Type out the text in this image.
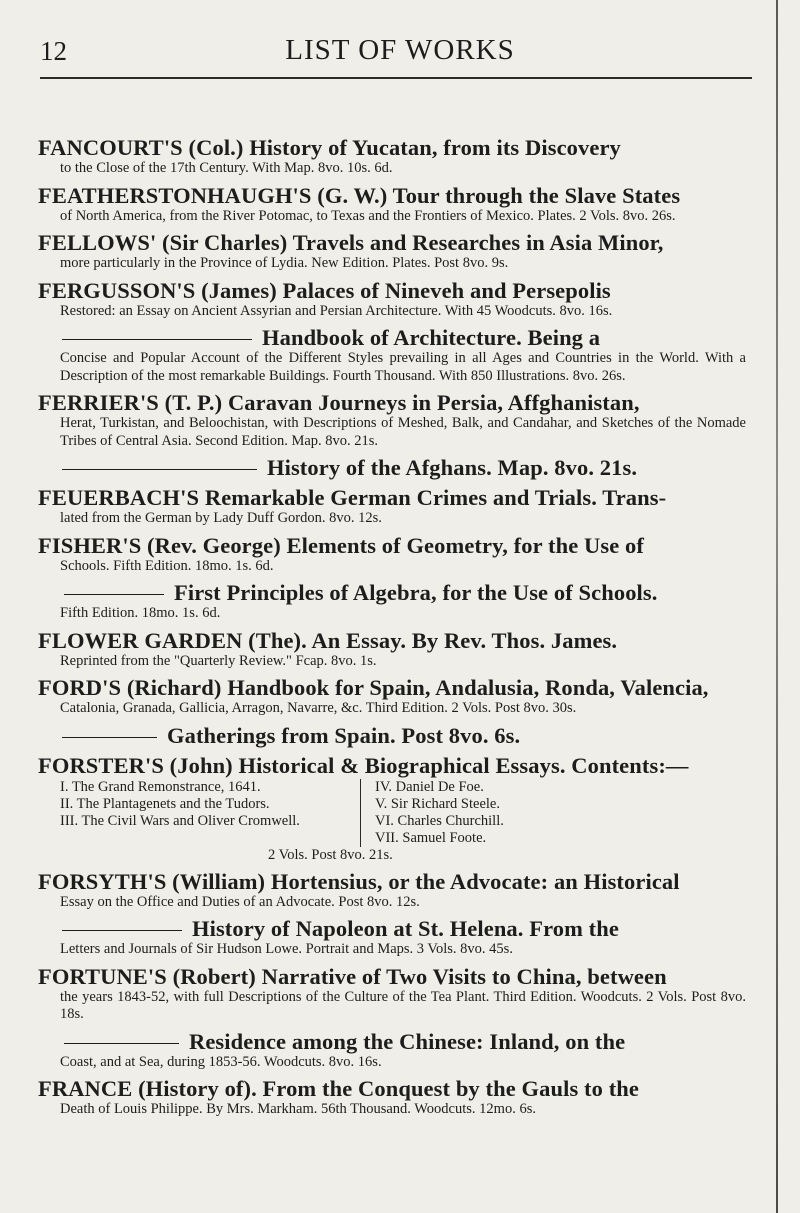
12	LIST OF WORKS
FANCOURT'S (Col.) History of Yucatan, from its Discovery
to the Close of the 17th Century. With Map. 8vo. 10s. 6d.
FEATHERSTONHAUGH'S (G. W.) Tour through the Slave States
of North America, from the River Potomac, to Texas and the Frontiers of Mexico. Plates. 2 Vols. 8vo. 26s.
FELLOWS' (Sir Charles) Travels and Researches in Asia Minor,
more particularly in the Province of Lydia. New Edition. Plates. Post 8vo. 9s.
FERGUSSON'S (James) Palaces of Nineveh and Persepolis
Restored: an Essay on Ancient Assyrian and Persian Architecture. With 45 Woodcuts. 8vo. 16s.
Handbook of Architecture. Being a
Concise and Popular Account of the Different Styles prevailing in all Ages and Countries in the World. With a Description of the most remarkable Buildings. Fourth Thousand. With 850 Illustrations. 8vo. 26s.
FERRIER'S (T. P.) Caravan Journeys in Persia, Affghanistan,
Herat, Turkistan, and Beloochistan, with Descriptions of Meshed, Balk, and Candahar, and Sketches of the Nomade Tribes of Central Asia. Second Edition. Map. 8vo. 21s.
History of the Afghans. Map. 8vo. 21s.
FEUERBACH'S Remarkable German Crimes and Trials. Trans-
lated from the German by Lady Duff Gordon. 8vo. 12s.
FISHER'S (Rev. George) Elements of Geometry, for the Use of
Schools. Fifth Edition. 18mo. 1s. 6d.
First Principles of Algebra, for the Use of Schools.
Fifth Edition. 18mo. 1s. 6d.
FLOWER GARDEN (The). An Essay. By Rev. Thos. James.
Reprinted from the "Quarterly Review." Fcap. 8vo. 1s.
FORD'S (Richard) Handbook for Spain, Andalusia, Ronda, Valencia,
Catalonia, Granada, Gallicia, Arragon, Navarre, &c. Third Edition. 2 Vols. Post 8vo. 30s.
Gatherings from Spain. Post 8vo. 6s.
FORSTER'S (John) Historical & Biographical Essays. Contents:—
I. The Grand Remonstrance, 1641.
II. The Plantagenets and the Tudors.
III. The Civil Wars and Oliver Cromwell.
IV. Daniel De Foe.
V. Sir Richard Steele.
VI. Charles Churchill.
VII. Samuel Foote.
2 Vols. Post 8vo. 21s.
FORSYTH'S (William) Hortensius, or the Advocate: an Historical
Essay on the Office and Duties of an Advocate. Post 8vo. 12s.
History of Napoleon at St. Helena. From the
Letters and Journals of Sir Hudson Lowe. Portrait and Maps. 3 Vols. 8vo. 45s.
FORTUNE'S (Robert) Narrative of Two Visits to China, between
the years 1843-52, with full Descriptions of the Culture of the Tea Plant. Third Edition. Woodcuts. 2 Vols. Post 8vo. 18s.
Residence among the Chinese: Inland, on the
Coast, and at Sea, during 1853-56. Woodcuts. 8vo. 16s.
FRANCE (History of). From the Conquest by the Gauls to the
Death of Louis Philippe. By Mrs. Markham. 56th Thousand. Woodcuts. 12mo. 6s.
